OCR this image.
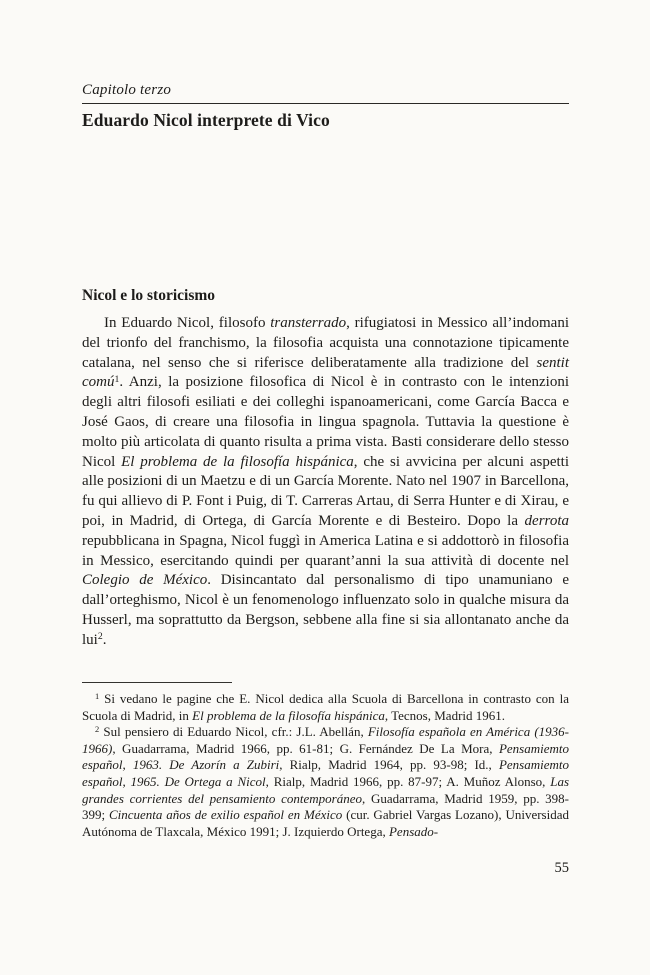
Capitolo terzo
Eduardo Nicol interprete di Vico
Nicol e lo storicismo

In Eduardo Nicol, filosofo transterrado, rifugiatosi in Messico all’indomani del trionfo del franchismo, la filosofia acquista una connotazione tipicamente catalana, nel senso che si riferisce deliberatamente alla tradizione del sentit comú$^1$. Anzi, la posizione filosofica di Nicol è in contrasto con le intenzioni degli altri filosofi esiliati e dei colleghi ispanoamericani, come García Bacca e José Gaos, di creare una filosofia in lingua spagnola. Tuttavia la questione è molto più articolata di quanto risulta a prima vista. Basti considerare dello stesso Nicol El problema de la filosofía hispánica, che si avvicina per alcuni aspetti alle posizioni di un Maetzu e di un García Morente. Nato nel 1907 in Barcellona, fu qui allievo di P. Font i Puig, di T. Carreras Artau, di Serra Hunter e di Xirau, e poi, in Madrid, di Ortega, di García Morente e di Besteiro. Dopo la derrota repubblicana in Spagna, Nicol fuggì in America Latina e si addottorò in filosofia in Messico, esercitando quindi per quarant’anni la sua attività di docente nel Colegio de México. Disincantato dal personalismo di tipo unamuniano e dall’orteghismo, Nicol è un fenomenologo influenzato solo in qualche misura da Husserl, ma soprattutto da Bergson, sebbene alla fine si sia allontanato anche da lui$^2$.

$^1$ Si vedano le pagine che E. Nicol dedica alla Scuola di Barcellona in contrasto con la Scuola di Madrid, in El problema de la filosofía hispánica, Tecnos, Madrid 1961.

$^2$ Sul pensiero di Eduardo Nicol, cfr.: J.L. Abellán, Filosofía española en América (1936-1966), Guadarrama, Madrid 1966, pp. 61-81; G. Fernández De La Mora, Pensamiemto español, 1963. De Azorín a Zubiri, Rialp, Madrid 1964, pp. 93-98; Id., Pensamiemto español, 1965. De Ortega a Nicol, Rialp, Madrid 1966, pp. 87-97; A. Muñoz Alonso, Las grandes corrientes del pensamiento contemporáneo, Guadarrama, Madrid 1959, pp. 398-399; Cincuenta años de exilio español en México (cur. Gabriel Vargas Lozano), Universidad Autónoma de Tlaxcala, México 1991; J. Izquierdo Ortega, Pensado-

55
